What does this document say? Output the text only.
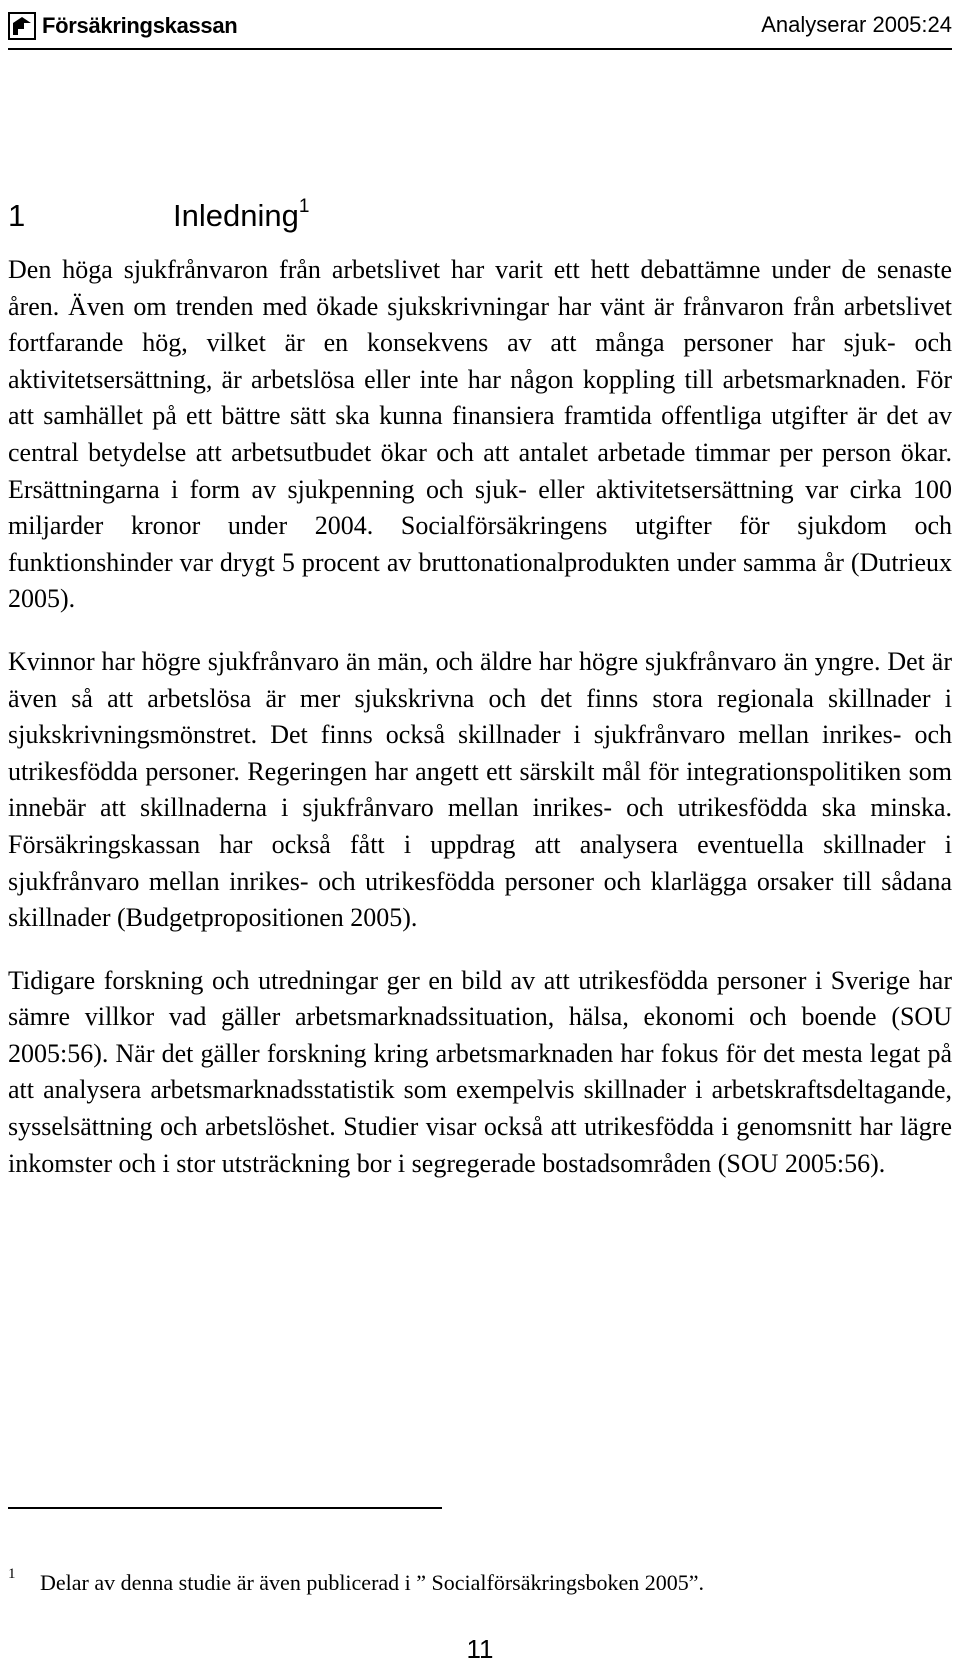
Försäkringskassan	Analyserar 2005:24
1	Inledning$^1$

Den höga sjukfrånvaron från arbetslivet har varit ett hett debattämne under de senaste åren. Även om trenden med ökade sjukskrivningar har vänt är frånvaron från arbetslivet fortfarande hög, vilket är en konsekvens av att många personer har sjuk- och aktivitetsersättning, är arbetslösa eller inte har någon koppling till arbetsmarknaden. För att samhället på ett bättre sätt ska kunna finansiera framtida offentliga utgifter är det av central betydelse att arbetsutbudet ökar och att antalet arbetade timmar per person ökar. Ersättningarna i form av sjukpenning och sjuk- eller aktivitetsersättning var cirka 100 miljarder kronor under 2004. Socialförsäkringens utgifter för sjukdom och funktionshinder var drygt 5 procent av bruttonationalprodukten under samma år (Dutrieux 2005).

Kvinnor har högre sjukfrånvaro än män, och äldre har högre sjukfrånvaro än yngre. Det är även så att arbetslösa är mer sjukskrivna och det finns stora regionala skillnader i sjukskrivningsmönstret. Det finns också skillnader i sjukfrånvaro mellan inrikes- och utrikesfödda personer. Regeringen har angett ett särskilt mål för integrationspolitiken som innebär att skillnaderna i sjukfrånvaro mellan inrikes- och utrikesfödda ska minska. Försäkringskassan har också fått i uppdrag att analysera eventuella skillnader i sjukfrånvaro mellan inrikes- och utrikesfödda personer och klarlägga orsaker till sådana skillnader (Budgetpropositionen 2005).

Tidigare forskning och utredningar ger en bild av att utrikesfödda personer i Sverige har sämre villkor vad gäller arbetsmarknadssituation, hälsa, ekonomi och boende (SOU 2005:56). När det gäller forskning kring arbetsmarknaden har fokus för det mesta legat på att analysera arbetsmarknadsstatistik som exempelvis skillnader i arbetskraftsdeltagande, sysselsättning och arbetslöshet. Studier visar också att utrikesfödda i genomsnitt har lägre inkomster och i stor utsträckning bor i segregerade bostadsområden (SOU 2005:56).

1 Delar av denna studie är även publicerad i ” Socialförsäkringsboken 2005”.
11
